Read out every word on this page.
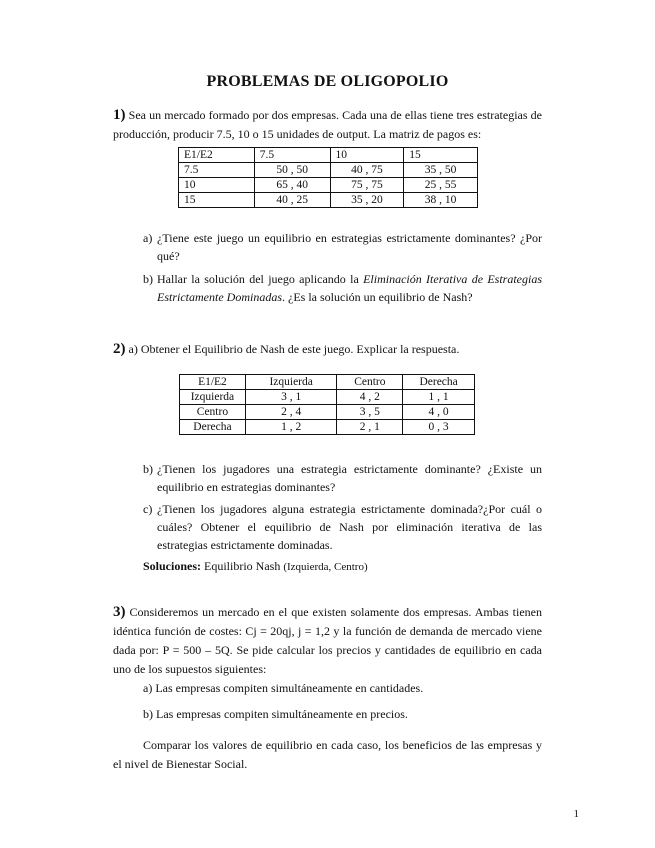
PROBLEMAS DE OLIGOPOLIO
1) Sea un mercado formado por dos empresas. Cada una de ellas tiene tres estrategias de producción, producir 7.5, 10 o 15 unidades de output. La matriz de pagos es:
E1/E2	7.5	10	15
7.5	50 , 50	40 , 75	35 , 50
10	65 , 40	75 , 75	25 , 55
15	40 , 25	35 , 20	38 , 10
a) ¿Tiene este juego un equilibrio en estrategias estrictamente dominantes? ¿Por qué?
b) Hallar la solución del juego aplicando la Eliminación Iterativa de Estrategias Estrictamente Dominadas. ¿Es la solución un equilibrio de Nash?
2) a) Obtener el Equilibrio de Nash de este juego. Explicar la respuesta.
E1/E2	Izquierda	Centro	Derecha
Izquierda	3 , 1	4 , 2	1 , 1
Centro	2 , 4	3 , 5	4 , 0
Derecha	1 , 2	2 , 1	0 , 3
b) ¿Tienen los jugadores una estrategia estrictamente dominante? ¿Existe un equilibrio en estrategias dominantes?
c) ¿Tienen los jugadores alguna estrategia estrictamente dominada?¿Por cuál o cuáles? Obtener el equilibrio de Nash por eliminación iterativa de las estrategias estrictamente dominadas.
Soluciones: Equilibrio Nash (Izquierda, Centro)
3) Consideremos un mercado en el que existen solamente dos empresas. Ambas tienen idéntica función de costes: Cj = 20qj, j = 1,2 y la función de demanda de mercado viene dada por: P = 500 – 5Q. Se pide calcular los precios y cantidades de equilibrio en cada uno de los supuestos siguientes:
a) Las empresas compiten simultáneamente en cantidades.
b) Las empresas compiten simultáneamente en precios.
Comparar los valores de equilibrio en cada caso, los beneficios de las empresas y el nivel de Bienestar Social.
1
